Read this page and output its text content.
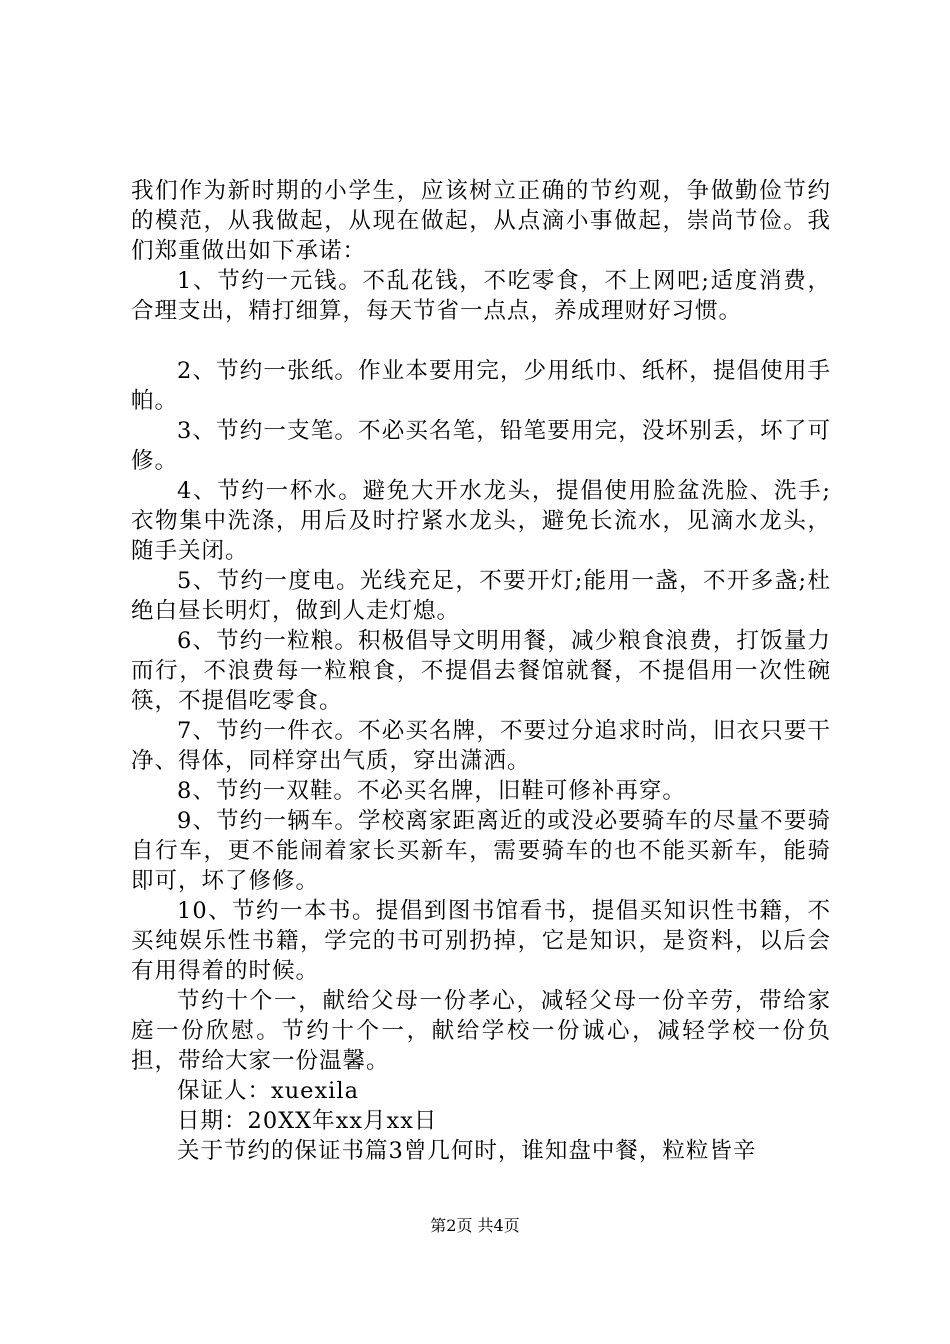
我们作为新时期的小学生，应该树立正确的节约观，争做勤俭节约的模范，从我做起，从现在做起，从点滴小事做起，崇尚节俭。我们郑重做出如下承诺：

1、节约一元钱。不乱花钱，不吃零食，不上网吧;适度消费，合理支出，精打细算，每天节省一点点，养成理财好习惯。

2、节约一张纸。作业本要用完，少用纸巾、纸杯，提倡使用手帕。

3、节约一支笔。不必买名笔，铅笔要用完，没坏别丢，坏了可修。

4、节约一杯水。避免大开水龙头，提倡使用脸盆洗脸、洗手;衣物集中洗涤，用后及时拧紧水龙头，避免长流水，见滴水龙头，随手关闭。

5、节约一度电。光线充足，不要开灯;能用一盏，不开多盏;杜绝白昼长明灯，做到人走灯熄。

6、节约一粒粮。积极倡导文明用餐，减少粮食浪费，打饭量力而行，不浪费每一粒粮食，不提倡去餐馆就餐，不提倡用一次性碗筷，不提倡吃零食。

7、节约一件衣。不必买名牌，不要过分追求时尚，旧衣只要干净、得体，同样穿出气质，穿出潇洒。

8、节约一双鞋。不必买名牌，旧鞋可修补再穿。

9、节约一辆车。学校离家距离近的或没必要骑车的尽量不要骑自行车，更不能闹着家长买新车，需要骑车的也不能买新车，能骑即可，坏了修修。

10、节约一本书。提倡到图书馆看书，提倡买知识性书籍，不买纯娱乐性书籍，学完的书可别扔掉，它是知识，是资料，以后会有用得着的时候。

节约十个一，献给父母一份孝心，减轻父母一份辛劳，带给家庭一份欣慰。节约十个一，献给学校一份诚心，减轻学校一份负担，带给大家一份温馨。

保证人：xuexila

日期：20XX年xx月xx日

关于节约的保证书篇3曾几何时，谁知盘中餐，粒粒皆辛

第2页 共4页
